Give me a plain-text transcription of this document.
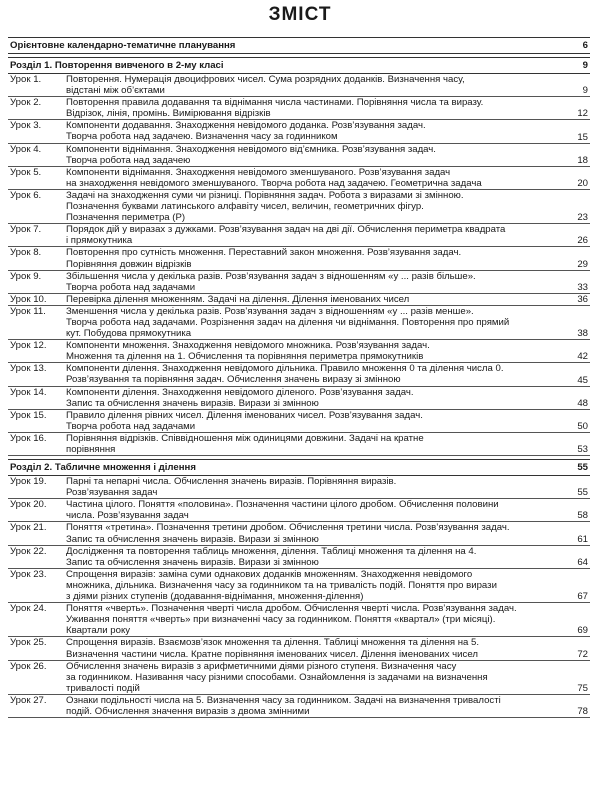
ЗМІСТ
Орієнтовне календарно-тематичне планування	6
Розділ 1. Повторення вивченого в 2-му класі	9
Урок 1.	Повторення. Нумерація двоцифрових чисел. Сума розрядних доданків. Визначення часу,
відстані між об’єктами	9
Урок 2.	Повторення правила додавання та віднімання числа частинами. Порівняння числа та виразу.
Відрізок, лінія, промінь. Вимірювання відрізків	12
Урок 3.	Компоненти додавання. Знаходження невідомого доданка. Розв’язування задач.
Творча робота над задачею. Визначення часу за годинником	15
Урок 4.	Компоненти віднімання. Знаходження невідомого від’ємника. Розв’язування задач.
Творча робота над задачею	18
Урок 5.	Компоненти віднімання. Знаходження невідомого зменшуваного. Розв’язування задач
на знаходження невідомого зменшуваного. Творча робота над задачею. Геометрична задача	20
Урок 6.	Задачі на знаходження суми чи різниці. Порівняння задач. Робота з виразами зі змінною.
Позначення буквами латинського алфавіту чисел, величин, геометричних фігур.
Позначення периметра (P)	23
Урок 7.	Порядок дій у виразах з дужками. Розв’язування задач на дві дії. Обчислення периметра квадрата
і прямокутника	26
Урок 8.	Повторення про сутність множення. Переставний закон множення. Розв’язування задач.
Порівняння довжин відрізків	29
Урок 9.	Збільшення числа у декілька разів. Розв’язування задач з відношенням «у ... разів більше».
Творча робота над задачами	33
Урок 10. Перевірка ділення множенням. Задачі на ділення. Ділення іменованих чисел	36
Урок 11. Зменшення числа у декілька разів. Розв’язування задач з відношенням «у ... разів менше».
Творча робота над задачами. Розрізнення задач на ділення чи віднімання. Повторення про прямий
кут. Побудова прямокутника	38
Урок 12. Компоненти множення. Знаходження невідомого множника. Розв’язування задач.
Множення та ділення на 1. Обчислення та порівняння периметра прямокутників	42
Урок 13. Компоненти ділення. Знаходження невідомого дільника. Правило множення 0 та ділення числа 0.
Розв’язування та порівняння задач. Обчислення значень виразу зі змінною	45
Урок 14. Компоненти ділення. Знаходження невідомого діленого. Розв’язування задач.
Запис та обчислення значень виразів. Вирази зі змінною	48
Урок 15. Правило ділення рівних чисел. Ділення іменованих чисел. Розв’язування задач.
Творча робота над задачами	50
Урок 16. Порівняння відрізків. Співвідношення між одиницями довжини. Задачі на кратне
порівняння	53
Розділ 2. Табличне множення і ділення	55
Урок 19. Парні та непарні числа. Обчислення значень виразів. Порівняння виразів.
Розв’язування задач	55
Урок 20. Частина цілого. Поняття «половина». Позначення частини цілого дробом. Обчислення половини
числа. Розв’язування задач	58
Урок 21. Поняття «третина». Позначення третини дробом. Обчислення третини числа. Розв’язування задач.
Запис та обчислення значень виразів. Вирази зі змінною	61
Урок 22. Дослідження та повторення таблиць множення, ділення. Таблиці множення та ділення на 4.
Запис та обчислення значень виразів. Вирази зі змінною	64
Урок 23. Спрощення виразів: заміна суми однакових доданків множенням. Знаходження невідомого
множника, дільника. Визначення часу за годинником та на тривалість подій. Поняття про вирази
з діями різних ступенів (додавання-віднімання, множення-ділення)	67
Урок 24. Поняття «чверть». Позначення чверті числа дробом. Обчислення чверті числа. Розв’язування задач.
Уживання поняття «чверть» при визначенні часу за годинником. Поняття «квартал» (три місяці).
Квартали року	69
Урок 25. Спрощення виразів. Взаємозв’язок множення та ділення. Таблиці множення та ділення на 5.
Визначення частини числа. Кратне порівняння іменованих чисел. Ділення іменованих чисел	72
Урок 26. Обчислення значень виразів з арифметичними діями різного ступеня. Визначення часу
за годинником. Називання часу різними способами. Ознайомлення із задачами на визначення
тривалості подій	75
Урок 27. Ознаки подільності числа на 5. Визначення часу за годинником. Задачі на визначення тривалості
подій. Обчислення значення виразів з двома змінними	78
